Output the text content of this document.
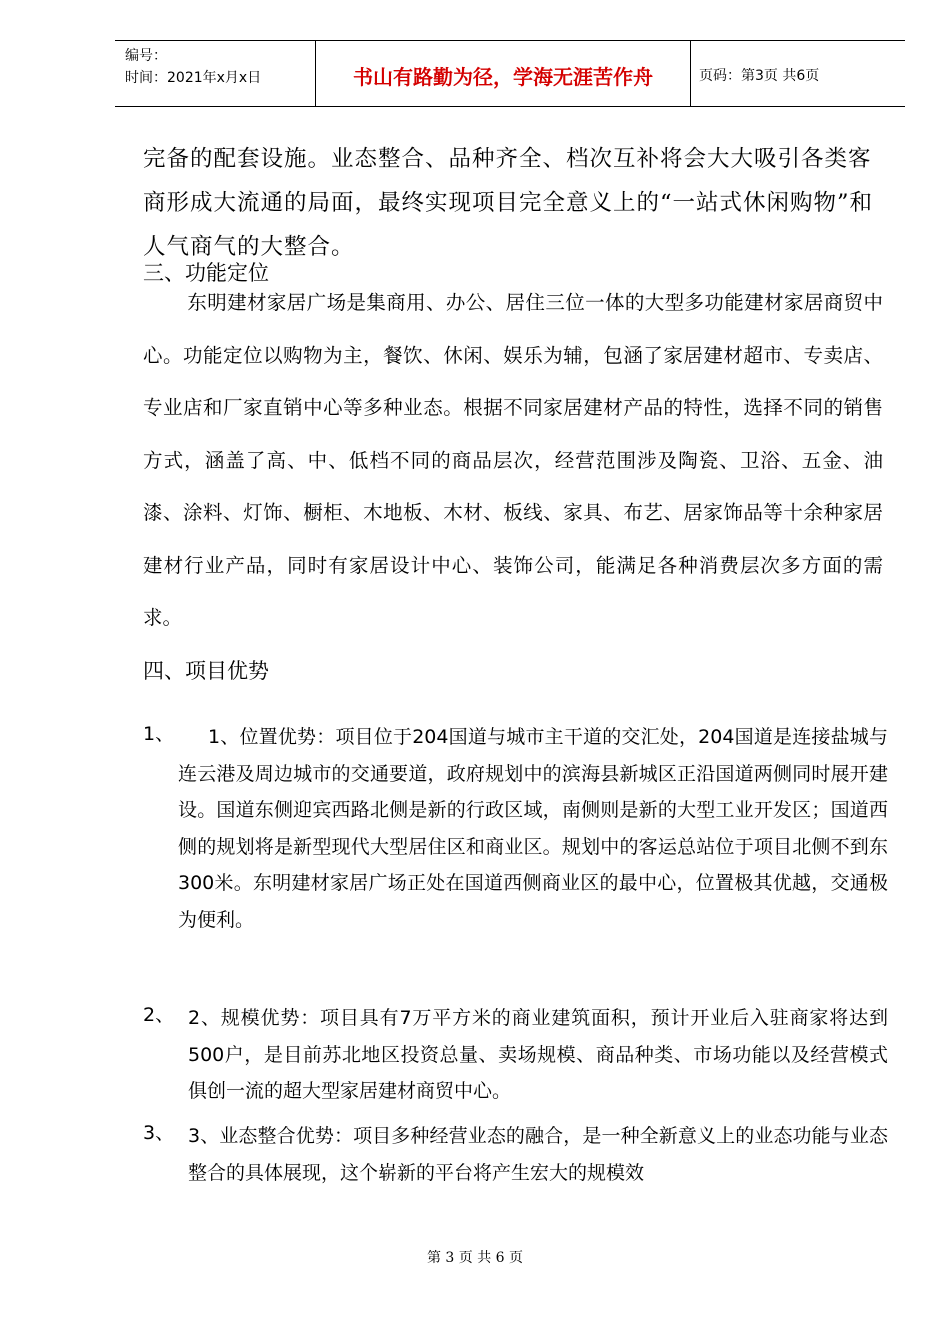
编号：
时间：2021年x月x日	书山有路勤为径，学海无涯苦作舟	页码：第3页 共6页
完备的配套设施。业态整合、品种齐全、档次互补将会大大吸引各类客商形成大流通的局面，最终实现项目完全意义上的“一站式休闲购物”和人气商气的大整合。
三、功能定位
东明建材家居广场是集商用、办公、居住三位一体的大型多功能建材家居商贸中心。功能定位以购物为主，餐饮、休闲、娱乐为辅，包涵了家居建材超市、专卖店、专业店和厂家直销中心等多种业态。根据不同家居建材产品的特性，选择不同的销售方式，涵盖了高、中、低档不同的商品层次，经营范围涉及陶瓷、卫浴、五金、油漆、涂料、灯饰、橱柜、木地板、木材、板线、家具、布艺、居家饰品等十余种家居建材行业产品，同时有家居设计中心、装饰公司，能满足各种消费层次多方面的需求。
四、项目优势
1、	1、位置优势：项目位于204国道与城市主干道的交汇处，204国道是连接盐城与连云港及周边城市的交通要道，政府规划中的滨海县新城区正沿国道两侧同时展开建设。国道东侧迎宾西路北侧是新的行政区域，南侧则是新的大型工业开发区；国道西侧的规划将是新型现代大型居住区和商业区。规划中的客运总站位于项目北侧不到东300米。东明建材家居广场正处在国道西侧商业区的最中心，位置极其优越，交通极为便利。
2、 2、规模优势：项目具有7万平方米的商业建筑面积，预计开业后入驻商家将达到500户，是目前苏北地区投资总量、卖场规模、商品种类、市场功能以及经营模式俱创一流的超大型家居建材商贸中心。
3、 3、业态整合优势：项目多种经营业态的融合，是一种全新意义上的业态功能与业态整合的具体展现，这个崭新的平台将产生宏大的规模效
第 3 页 共 6 页
